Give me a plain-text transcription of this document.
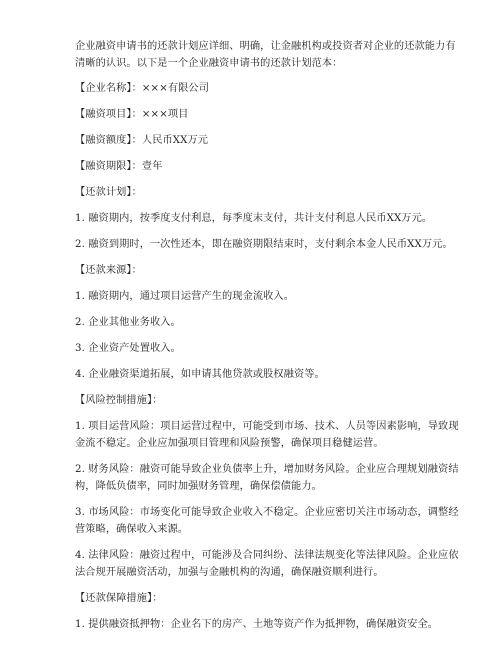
企业融资申请书的还款计划应详细、明确，让金融机构或投资者对企业的还款能力有清晰的认识。以下是一个企业融资申请书的还款计划范本：

【企业名称】：×××有限公司

【融资项目】：×××项目

【融资额度】：人民币XX万元

【融资期限】：壹年

【还款计划】：

1. 融资期内，按季度支付利息，每季度末支付，共计支付利息人民币XX万元。

2. 融资到期时，一次性还本，即在融资期限结束时，支付剩余本金人民币XX万元。

【还款来源】：

1. 融资期内，通过项目运营产生的现金流收入。

2. 企业其他业务收入。

3. 企业资产处置收入。

4. 企业融资渠道拓展，如申请其他贷款或股权融资等。

【风险控制措施】：

1. 项目运营风险：项目运营过程中，可能受到市场、技术、人员等因素影响，导致现金流不稳定。企业应加强项目管理和风险预警，确保项目稳健运营。

2. 财务风险：融资可能导致企业负债率上升，增加财务风险。企业应合理规划融资结构，降低负债率，同时加强财务管理，确保偿债能力。

3. 市场风险：市场变化可能导致企业收入不稳定。企业应密切关注市场动态，调整经营策略，确保收入来源。

4. 法律风险：融资过程中，可能涉及合同纠纷、法律法规变化等法律风险。企业应依法合规开展融资活动，加强与金融机构的沟通，确保融资顺利进行。

【还款保障措施】：

1. 提供融资抵押物：企业名下的房产、土地等资产作为抵押物，确保融资安全。
